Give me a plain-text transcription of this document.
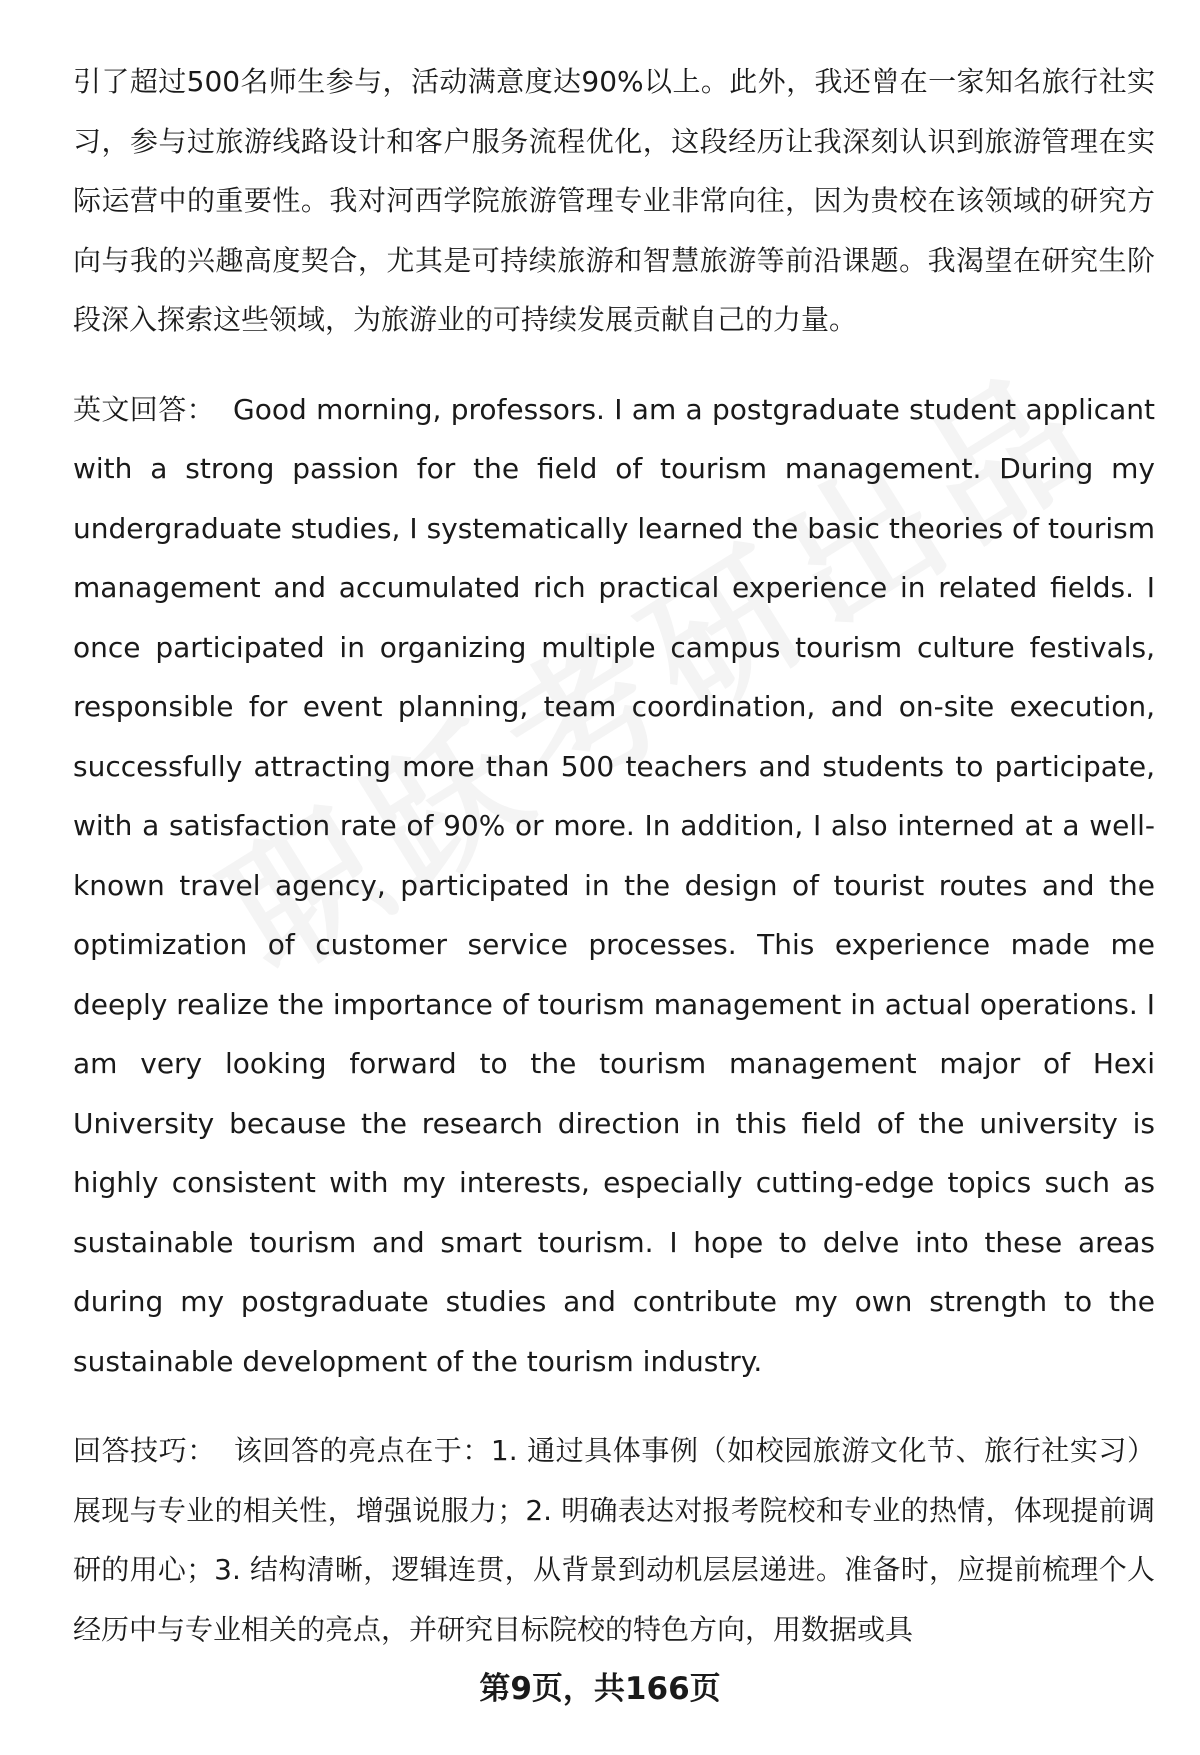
引了超过500名师生参与，活动满意度达90%以上。此外，我还曾在一家知名旅行社实习，参与过旅游线路设计和客户服务流程优化，这段经历让我深刻认识到旅游管理在实际运营中的重要性。我对河西学院旅游管理专业非常向往，因为贵校在该领域的研究方向与我的兴趣高度契合，尤其是可持续旅游和智慧旅游等前沿课题。我渴望在研究生阶段深入探索这些领域，为旅游业的可持续发展贡献自己的力量。

英文回答： Good morning, professors. I am a postgraduate student applicant with a strong passion for the field of tourism management. During my undergraduate studies, I systematically learned the basic theories of tourism management and accumulated rich practical experience in related fields. I once participated in organizing multiple campus tourism culture festivals, responsible for event planning, team coordination, and on-site execution, successfully attracting more than 500 teachers and students to participate, with a satisfaction rate of 90% or more. In addition, I also interned at a well-known travel agency, participated in the design of tourist routes and the optimization of customer service processes. This experience made me deeply realize the importance of tourism management in actual operations. I am very looking forward to the tourism management major of Hexi University because the research direction in this field of the university is highly consistent with my interests, especially cutting-edge topics such as sustainable tourism and smart tourism. I hope to delve into these areas during my postgraduate studies and contribute my own strength to the sustainable development of the tourism industry.

回答技巧： 该回答的亮点在于：1. 通过具体事例（如校园旅游文化节、旅行社实习）展现与专业的相关性，增强说服力；2. 明确表达对报考院校和专业的热情，体现提前调研的用心；3. 结构清晰，逻辑连贯，从背景到动机层层递进。准备时，应提前梳理个人经历中与专业相关的亮点，并研究目标院校的特色方向，用数据或具

第9页，共166页
